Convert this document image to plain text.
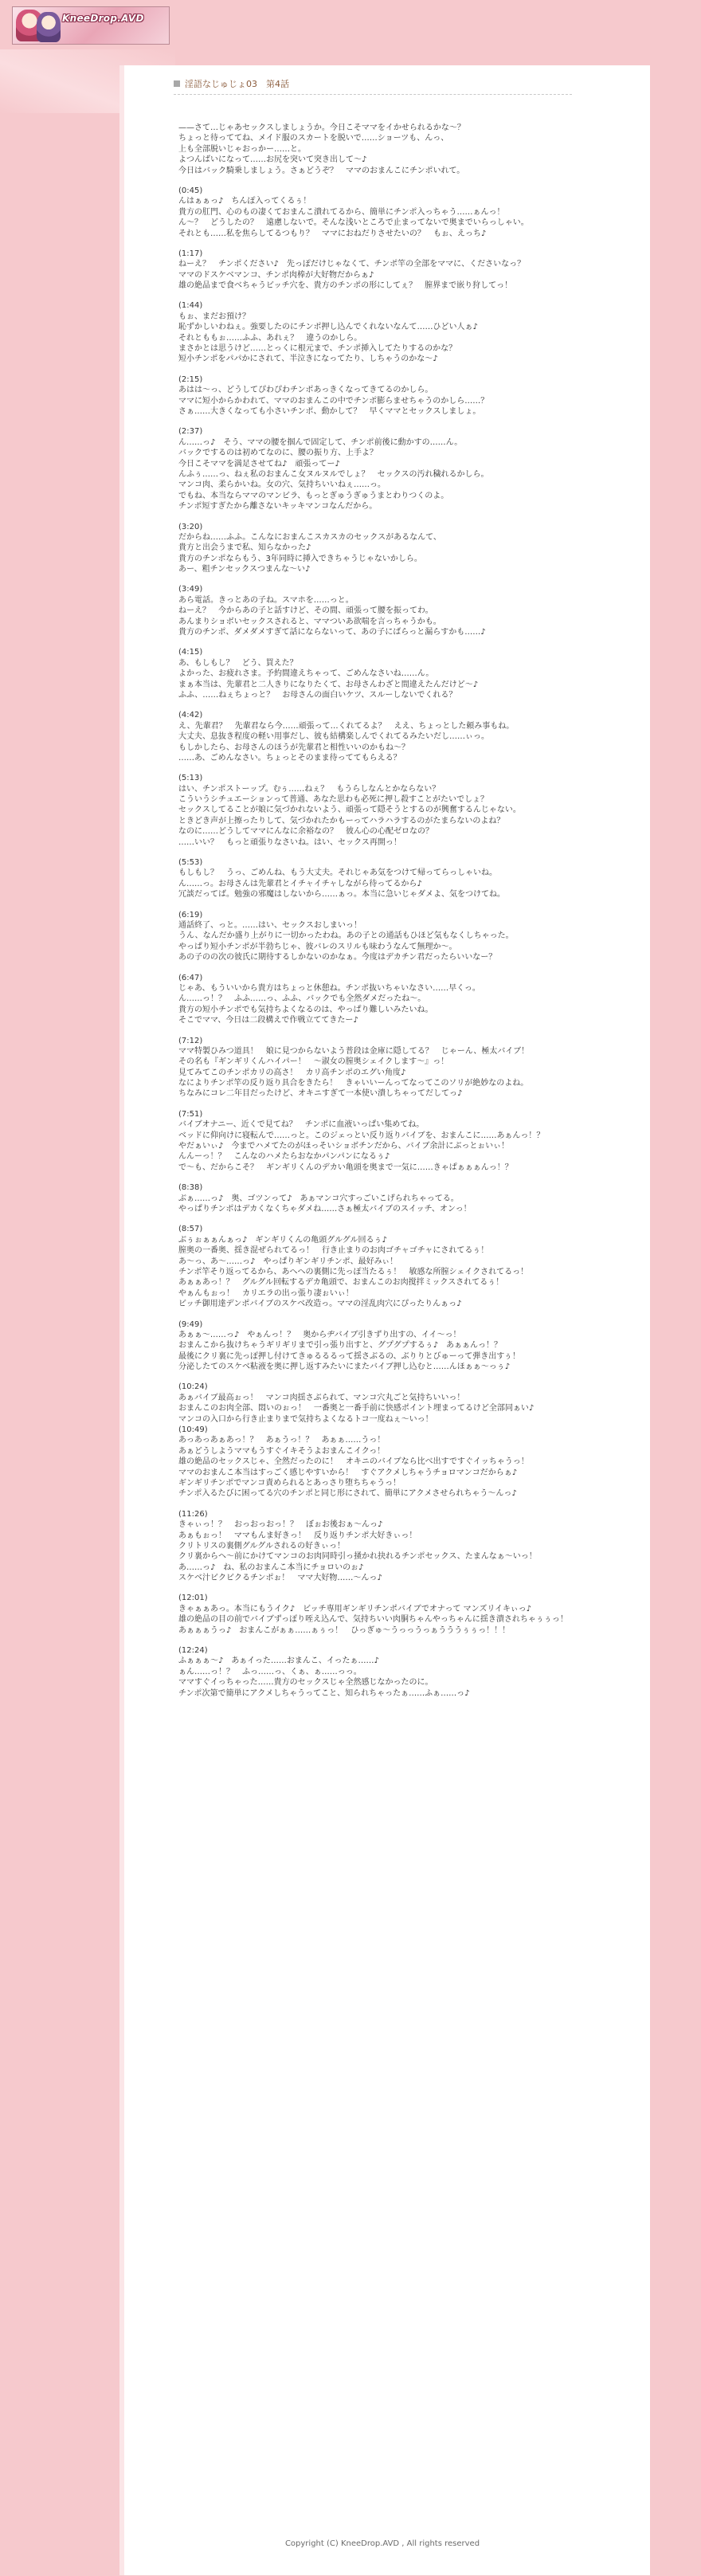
KneeDrop.AVD
淫語なじゅじょ03　第4話
——さて…じゃあセックスしましょうか。今日こそママをイかせられるかな～？
ちょっと待っててね、メイド服のスカートを脱いで……ショーツも、んっ、
上も全部脱いじゃおっかー……と。
よつんばいになって……お尻を突いて突き出して～♪
今日はバック騎乗しましょう。さぁどうぞ？　ママのおまんこにチンポいれて。
(0:45)
んはぁぁっ♪　ちんぽ入ってくるぅ！
貴方の肛門、心のもの凄くておまんこ潰れてるから、簡単にチンポ入っちゃう……ぁんっ！
ん～？　どうしたの？　遠慮しないで。そんな浅いところで止まってないで奥までいらっしゃい。
それとも……私を焦らしてるつもり？　ママにおねだりさせたいの？　もぉ、えっち♪
(1:17)
ねーえ？　チンポください♪　先っぽだけじゃなくて、チンポ竿の全部をママに、くださいなっ？
ママのドスケベマンコ、チンポ肉棒が大好物だからぁ♪
雄の絶品まで食べちゃうビッチ穴を、貴方のチンポの形にしてぇ？　膣界まで嵌り狩してっ！
(1:44)
もぉ、まだお預け？
恥ずかしいわねぇ。強要したのにチンポ押し込んでくれないなんて……ひどい人ぁ♪
それとももぉ……ふふ、あれぇ？　違うのかしら。
まさかとは思うけど……とっくに根元まで、チンポ挿入してたりするのかな？
短小チンポをパパかにされて、半泣きになってたり、しちゃうのかな～♪
(2:15)
あはは～っ、どうしてぴわぴわチンポあっきくなってきてるのかしら。
ママに短小からかわれて、ママのおまんこの中でチンポ膨らませちゃうのかしら……？
さぁ……大きくなっても小さいチンポ、動かして？　早くママとセックスしましょ。
(2:37)
ん……っ♪　そう、ママの腰を掴んで固定して、チンポ前後に動かすの……ん。
バックでするのは初めてなのに、腰の振り方、上手よ？
今日こそママを満足させてね♪　頑張ってー♪
んふぅ……っ、ねぇ私のおまんこ女ヌルヌルでしょ？　セックスの汚れ穢れるかしら。
マンコ肉、柔らかいね。女の穴、気持ちいいねぇ……っ。
でもね、本当ならママのマンビラ、もっとぎゅうぎゅうまとわりつくのよ。
チンポ短すぎたから離さないキッキマンコなんだから。
(3:20)
だからね……ふふ。こんなにおまんこスカスカのセックスがあるなんて、
貴方と出会うまで私、知らなかった♪
貴方のチンポならもう、3年同時に挿入できちゃうじゃないかしら。
あー、粗チンセックスつまんな～い♪
(3:49)
あら電話。きっとあの子ね。スマホを……っと。
ねーえ？　今からあの子と話すけど、その間、頑張って腰を振ってわ。
あんまりショボいセックスされると、ママついあ欲喘を言っちゃうかも。
貴方のチンポ、ダメダメすぎて話にならないって、あの子にばらっと漏らすかも……♪
(4:15)
あ、もしもし？　どう、買えた？
よかった、お疲れさま。予約間違えちゃって、ごめんなさいね……ん。
まぁ本当は、先輩君と二人きりになりたくて、お母さんわざと間違えたんだけど～♪
ふふ、……ねぇちょっと？　お母さんの面白いケツ、スルーしないでくれる？
(4:42)
え、先輩君？　先輩君なら今……頑張って…くれてるよ？　ええ、ちょっとした頼み事もね。
大丈夫、息抜き程度の軽い用事だし、彼も結構楽しんでくれてるみたいだし……ぃっ。
もしかしたら、お母さんのほうが先輩君と相性いいのかもね～？
……あ、ごめんなさい。ちょっとそのまま待っててもらえる？
(5:13)
はい、チンポストーップ。むぅ……ねぇ？　もうらしなんとかならない？
こういうシチュエーションって普通、あなた思わも必死に押し殺すことがたいでしょ？
セックスしてることが娘に気づかれないよう、頑張って隠そうとするのが興奮するんじゃない。
ときどき声が上擦ったりして、気づかれたかもーってハラハラするのがたまらないのよね？
なのに……どうしてママにんなに余裕なの？　彼ん心の心配ゼロなの？
……いい？　もっと頑張りなさいね。はい、セックス再開っ！
(5:53)
もしもし？　うっ、ごめんね、もう大丈夫。それじゃあ気をつけて帰ってらっしゃいね。
ん……っ。お母さんは先輩君とイチャイチャしながら待ってるから♪
冗談だってば。勉強の邪魔はしないから……ぁっ。本当に急いじゃダメよ、気をつけてね。
(6:19)
通話終了、っと。……はい、セックスおしまいっ！
うん、なんだか盛り上がりに一切かったわね。あの子との通話もひほど気もなくしちゃった。
やっぱり短小チンポが半勃ちじゃ、彼バレのスリルも味わうなんて無理か～。
あの子のの次の彼氏に期待するしかないのかなぁ。今度はデカチン君だったらいいなー？
(6:47)
じゃあ、もういいから貴方はちょっと休憩ね。チンポ抜いちゃいなさい……早くっ。
ん……っ！？　ふふ……っ、ふふ、バックでも全然ダメだったね～。
貴方の短小チンポでも気持ちよくなるのは、やっぱり難しいみたいね。
そこでママ、今日は二段構えで作戦立ててきたー♪
(7:12)
ママ特製ひみつ道具！　娘に見つからないよう普段は金庫に隠してる？　じゃーん、極太バイブ！
その名も『ギンギリくんハイパー！　～淑女の膣奥シェイクします～』っ！
見てみてこのチンポカリの高さ！　カリ高チンポのエグい角度♪
なによりチンポ竿の反り返り具合をきたら！　きゃいいーんってなってこのソリが絶妙なのよね。
ちなみにコレ二年目だったけど、オキニすぎて一本使い潰しちゃってだしてっ♪
(7:51)
バイブオナニー、近くで見てね？　チンポに血液いっぱい集めてね。
ベッドに仰向けに寝転んで……っと。このジェっとい反り返りバイブを、おまんこに……あぁんっ！？
やだぁいぃ♪　今までハメてたのがほっそいショボチンだから、バイブ余計にぶっとぉいぃ！
んんーっ！？　こんなのハメたらおなかパンパンになるぅ♪
で～も、だからこそ？　ギンギリくんのデカい亀頭を奥まで一気に……きゃぱぁぁぁんっ！？
(8:38)
ぶぁ……っ♪　奥、ゴツンって♪　あぁマンコ穴すっごいこげられちゃってる。
やっぱりチンポはデカくなくちゃダメね……さぁ極太バイブのスイッチ、オンっ！
(8:57)
ぶぅぉぁぁんぁっ♪　ギンギリくんの亀頭グルグル回るぅ♪
膣奥の一番奥、揺き混ぜられてるっ！　行き止まりのお肉ゴチャゴチャにされてるぅ！
あ～っ、あ～……っ♪　やっぱりギンギリチンポ、最好みぃ！
チンポ竿そり返ってるから、あへへの裏側に先っぽ当たるぅ！　敏感な所膣シェイクされてるっ！
あぁぁあっ！？　グルグル回転するデカ亀頭で、おまんこのお肉撹拌ミックスされてるぅ！
やぁんもぉっ！　カリエラの出っ張り凄ぉいぃ！
ビッチ御用達デンポバイブのスケベ改造っ。ママの淫乱肉穴にぴったりんぁっ♪
(9:49)
あぁぁ～……っ♪　やぁんっ！？　奥からヂバイブ引きずり出すの、イイ～っ！
おまんこから抜けちゃうギリギリまで引っ張り出すと、グプグプするぅ♪　あぁぁんっ！？
最後にクリ裏に先っぽ押し付けてきゅるるるって揺さぶるの、ぶりりとびゅーって弾き出すぅ！
分泌したてのスケベ粘液を奥に押し返すみたいにまたバイブ押し込むと……んほぁぁ～っぅ♪
(10:24)
あぁバイブ最高ぉっ！　マンコ肉揺さぶられて、マンコ穴丸ごと気持ちいいっ！
おまんこのお肉全部、悶いのぉっ！　一番奥と一番手前に快感ポイント埋まってるけど全部同ぁい♪
マンコの入口から行き止まりまで気持ちよくなるトコ一度ねぇ～いっ！
(10:49)
あっあっあぁあっ！？　あぁうっ！？　あぁぁ……うっ！
あぁどうしようママもうすぐイキそうよおまんこイクっ！
雄の絶品のセックスじゃ、全然だったのに！　オキニのバイブなら比べ出すですぐイッちゃうっ！
ママのおまんこ本当はすっごく感じやすいから！　すぐアクメしちゃうチョロマンコだからぁ♪
ギンギリチンポでマンコ責められるとあっさり堕ちちゃうっ！
チンポ入るたびに困ってる穴のチンポと同じ形にされて、簡単にアクメさせられちゃう～んっ♪
(11:26)
きゃぃっ！？　おっおっおっ！？　ぼぉお後おぁ～んっ♪
あぁもぉっ！　ママもんま好きっ！　反り返りチンポ大好きぃっ！
クリトリスの裏側グルグルされるの好きぃっ！
クリ裏からヘ～前にかけてマンコのお肉同時引っ掻かれ抉れるチンポセックス、たまんなぁ～いっ！
あ……っ♪　ね、私のおまんこ本当にチョロいのぉ♪
スケベ汁ビクビクるチンポぉ！　ママ大好物……～んっ♪
(12:01)
きゃぁぁあっ。本当にもうイク♪　ビッチ専用ギンギリチンポバイブでオナって マンズリイキぃっ♪
雄の絶品の目の前でバイブずっぽり咥え込んで、気持ちいい肉胴ちゃんやっちゃんに揺き潰されちゃぅぅっ！
あぁぁぁうっ♪　おまんこがぁぁ……ぁぅっ！　ひっぎゅ～うっっうっぁうううぅぅっ！！！
(12:24)
ふぁぁぁ～♪　あぁイった……おまんこ、イったぁ……♪
ぁん……っ！？　ふっ……っ、くぁ、ぁ……っっ。
ママすぐイっちゃった……貴方のセックスじゃ全然感じなかったのに。
チンポ次第で簡単にアクメしちゃうってこと、知られちゃったぁ……ふぁ……っ♪
Copyright (C) KneeDrop.AVD , All rights reserved
